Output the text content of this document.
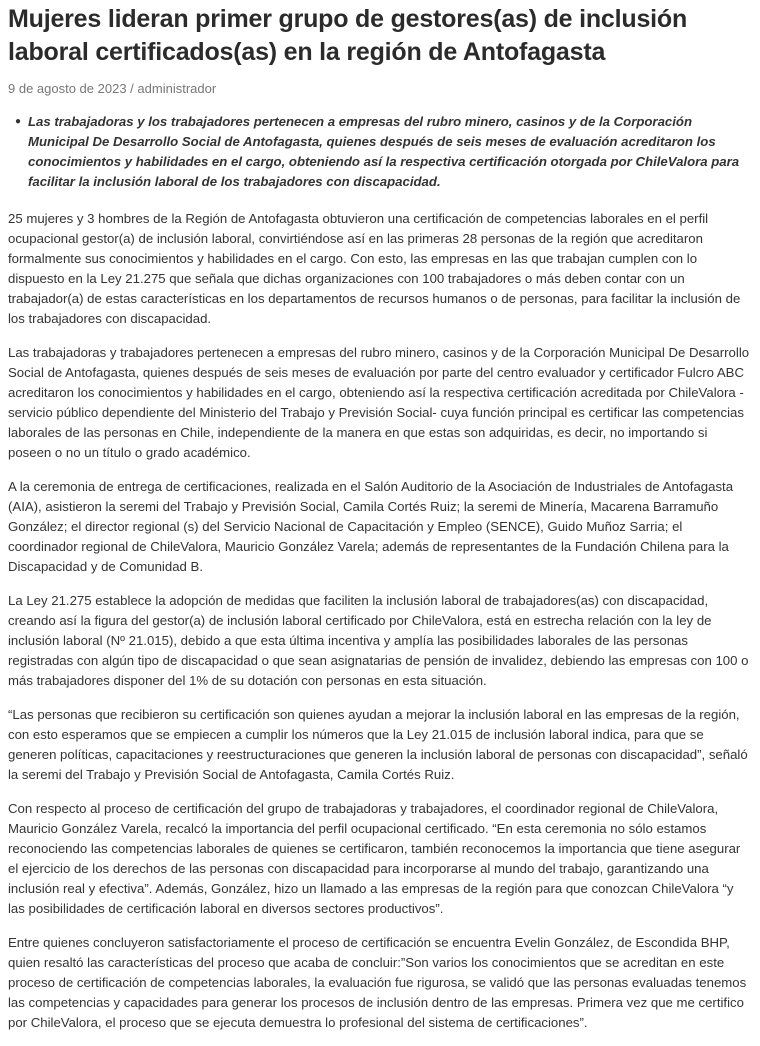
Mujeres lideran primer grupo de gestores(as) de inclusión laboral certificados(as) en la región de Antofagasta
9 de agosto de 2023 / administrador
● Las trabajadoras y los trabajadores pertenecen a empresas del rubro minero, casinos y de la Corporación Municipal De Desarrollo Social de Antofagasta, quienes después de seis meses de evaluación acreditaron los conocimientos y habilidades en el cargo, obteniendo así la respectiva certificación otorgada por ChileValora para facilitar la inclusión laboral de los trabajadores con discapacidad.

25 mujeres y 3 hombres de la Región de Antofagasta obtuvieron una certificación de competencias laborales en el perfil ocupacional gestor(a) de inclusión laboral, convirtiéndose así en las primeras 28 personas de la región que acreditaron formalmente sus conocimientos y habilidades en el cargo. Con esto, las empresas en las que trabajan cumplen con lo dispuesto en la Ley 21.275 que señala que dichas organizaciones con 100 trabajadores o más deben contar con un trabajador(a) de estas características en los departamentos de recursos humanos o de personas, para facilitar la inclusión de los trabajadores con discapacidad.

Las trabajadoras y trabajadores pertenecen a empresas del rubro minero, casinos y de la Corporación Municipal De Desarrollo Social de Antofagasta, quienes después de seis meses de evaluación por parte del centro evaluador y certificador Fulcro ABC acreditaron los conocimientos y habilidades en el cargo, obteniendo así la respectiva certificación acreditada por ChileValora -servicio público dependiente del Ministerio del Trabajo y Previsión Social- cuya función principal es certificar las competencias laborales de las personas en Chile, independiente de la manera en que estas son adquiridas, es decir, no importando si poseen o no un título o grado académico.

A la ceremonia de entrega de certificaciones, realizada en el Salón Auditorio de la Asociación de Industriales de Antofagasta (AIA), asistieron la seremi del Trabajo y Previsión Social, Camila Cortés Ruiz; la seremi de Minería, Macarena Barramuño González; el director regional (s) del Servicio Nacional de Capacitación y Empleo (SENCE), Guido Muñoz Sarria; el coordinador regional de ChileValora, Mauricio González Varela; además de representantes de la Fundación Chilena para la Discapacidad y de Comunidad B.

La Ley 21.275 establece la adopción de medidas que faciliten la inclusión laboral de trabajadores(as) con discapacidad, creando así la figura del gestor(a) de inclusión laboral certificado por ChileValora, está en estrecha relación con la ley de inclusión laboral (Nº 21.015), debido a que esta última incentiva y amplía las posibilidades laborales de las personas registradas con algún tipo de discapacidad o que sean asignatarias de pensión de invalidez, debiendo las empresas con 100 o más trabajadores disponer del 1% de su dotación con personas en esta situación.

“Las personas que recibieron su certificación son quienes ayudan a mejorar la inclusión laboral en las empresas de la región, con esto esperamos que se empiecen a cumplir los números que la Ley 21.015 de inclusión laboral indica, para que se generen políticas, capacitaciones y reestructuraciones que generen la inclusión laboral de personas con discapacidad”, señaló la seremi del Trabajo y Previsión Social de Antofagasta, Camila Cortés Ruiz.

Con respecto al proceso de certificación del grupo de trabajadoras y trabajadores, el coordinador regional de ChileValora, Mauricio González Varela, recalcó la importancia del perfil ocupacional certificado. “En esta ceremonia no sólo estamos reconociendo las competencias laborales de quienes se certificaron, también reconocemos la importancia que tiene asegurar el ejercicio de los derechos de las personas con discapacidad para incorporarse al mundo del trabajo, garantizando una inclusión real y efectiva”. Además, González, hizo un llamado a las empresas de la región para que conozcan ChileValora “y las posibilidades de certificación laboral en diversos sectores productivos”.

Entre quienes concluyeron satisfactoriamente el proceso de certificación se encuentra Evelin González, de Escondida BHP, quien resaltó las características del proceso que acaba de concluir:”Son varios los conocimientos que se acreditan en este proceso de certificación de competencias laborales, la evaluación fue rigurosa, se validó que las personas evaluadas tenemos las competencias y capacidades para generar los procesos de inclusión dentro de las empresas. Primera vez que me certifico por ChileValora, el proceso que se ejecuta demuestra lo profesional del sistema de certificaciones”.
